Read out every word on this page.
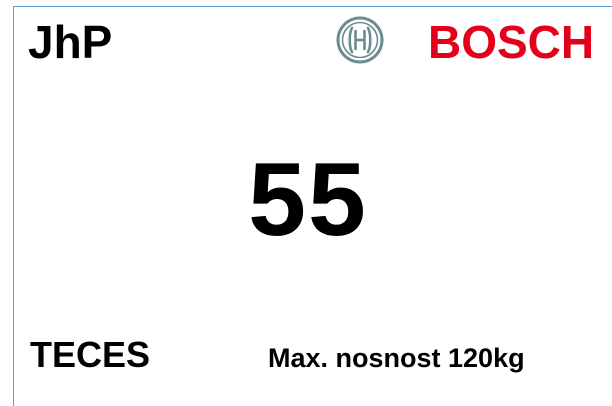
JhP	BOSCH
55
TECES	Max. nosnost 120kg
